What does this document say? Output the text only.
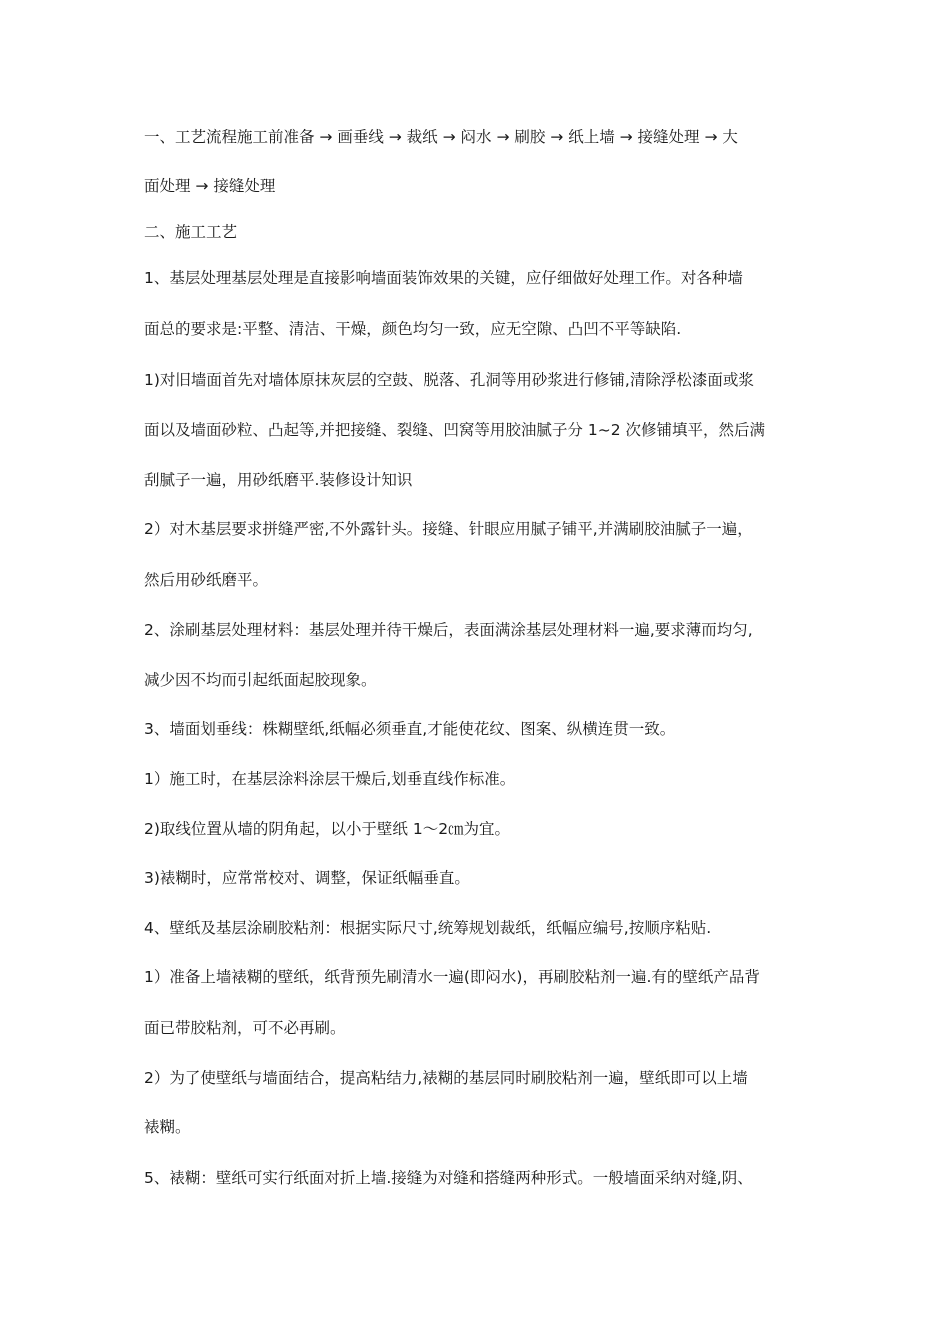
一、工艺流程施工前准备 → 画垂线 → 裁纸 → 闷水 → 刷胶 → 纸上墙 → 接缝处理 → 大
面处理 → 接缝处理
二、施工工艺
1、基层处理基层处理是直接影响墙面装饰效果的关键，应仔细做好处理工作。对各种墙
面总的要求是:平整、清洁、干燥，颜色均匀一致，应无空隙、凸凹不平等缺陷.
1)对旧墙面首先对墙体原抹灰层的空鼓、脱落、孔洞等用砂浆进行修铺,清除浮松漆面或浆
面以及墙面砂粒、凸起等,并把接缝、裂缝、凹窝等用胶油腻子分 1~2 次修铺填平，然后满
刮腻子一遍，用砂纸磨平.装修设计知识
2）对木基层要求拼缝严密,不外露针头。接缝、针眼应用腻子铺平,并满刷胶油腻子一遍，
然后用砂纸磨平。
2、涂刷基层处理材料：基层处理并待干燥后，表面满涂基层处理材料一遍,要求薄而均匀,
减少因不均而引起纸面起胶现象。
3、墙面划垂线：株糊壁纸,纸幅必须垂直,才能使花纹、图案、纵横连贯一致。
1）施工时，在基层涂料涂层干燥后,划垂直线作标准。
2)取线位置从墙的阴角起，以小于壁纸 1～2㎝为宜。
3)裱糊时，应常常校对、调整，保证纸幅垂直。
4、壁纸及基层涂刷胶粘剂：根据实际尺寸,统筹规划裁纸，纸幅应编号,按顺序粘贴.
1）准备上墙裱糊的壁纸，纸背预先刷清水一遍(即闷水)，再刷胶粘剂一遍.有的壁纸产品背
面已带胶粘剂，可不必再刷。
2）为了使壁纸与墙面结合，提高粘结力,裱糊的基层同时刷胶粘剂一遍，壁纸即可以上墙
裱糊。
5、裱糊：壁纸可实行纸面对折上墙.接缝为对缝和搭缝两种形式。一般墙面采纳对缝,阴、
